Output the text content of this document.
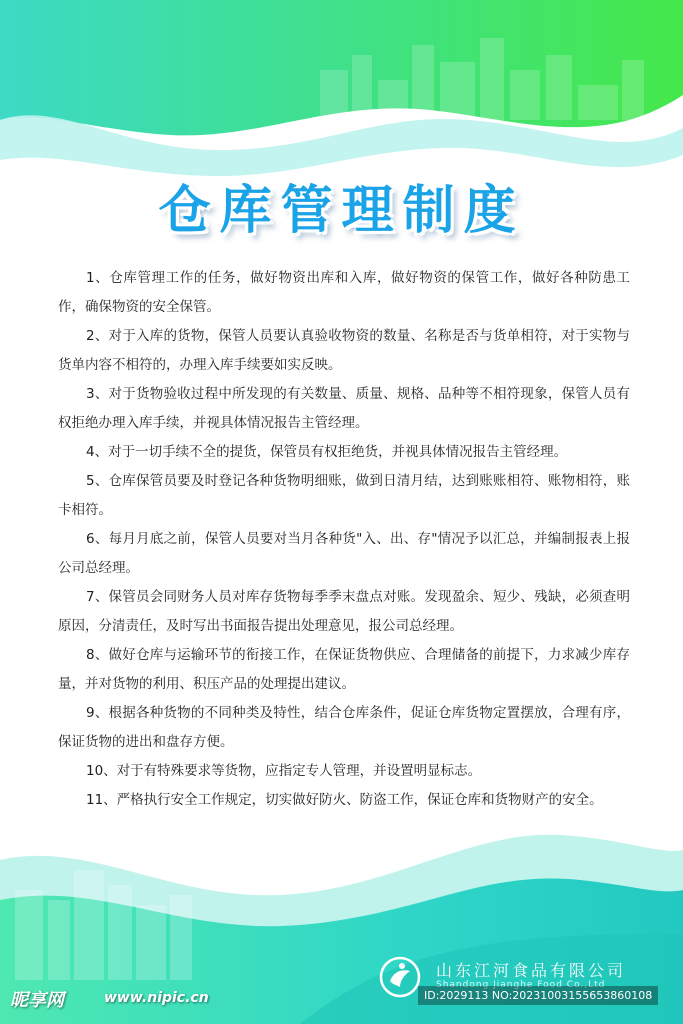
仓库管理制度

1、仓库管理工作的任务，做好物资出库和入库，做好物资的保管工作，做好各种防患工作，确保物资的安全保管。

2、对于入库的货物，保管人员要认真验收物资的数量、名称是否与货单相符，对于实物与货单内容不相符的，办理入库手续要如实反映。

3、对于货物验收过程中所发现的有关数量、质量、规格、品种等不相符现象，保管人员有权拒绝办理入库手续，并视具体情况报告主管经理。

4、对于一切手续不全的提货，保管员有权拒绝货，并视具体情况报告主管经理。

5、仓库保管员要及时登记各种货物明细账，做到日清月结，达到账账相符、账物相符，账卡相符。

6、每月月底之前，保管人员要对当月各种货"入、出、存"情况予以汇总，并编制报表上报公司总经理。

7、保管员会同财务人员对库存货物每季季末盘点对账。发现盈余、短少、残缺，必须查明原因，分清责任，及时写出书面报告提出处理意见，报公司总经理。

8、做好仓库与运输环节的衔接工作，在保证货物供应、合理储备的前提下，力求减少库存量，并对货物的利用、积压产品的处理提出建议。

9、根据各种货物的不同种类及特性，结合仓库条件，促证仓库货物定置摆放，合理有序，保证货物的进出和盘存方便。

10、对于有特殊要求等货物，应指定专人管理，并设置明显标志。

11、严格执行安全工作规定，切实做好防火、防盗工作，保证仓库和货物财产的安全。

山东江河食品有限公司
Shandong Jianghe Food Co.,Ltd
昵享网	www.nipic.cn	ID:2029113 NO:20231003155653860108
